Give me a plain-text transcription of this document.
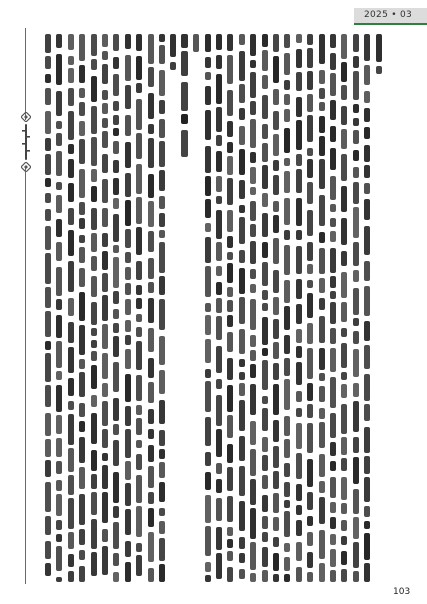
2025 • 03
103
